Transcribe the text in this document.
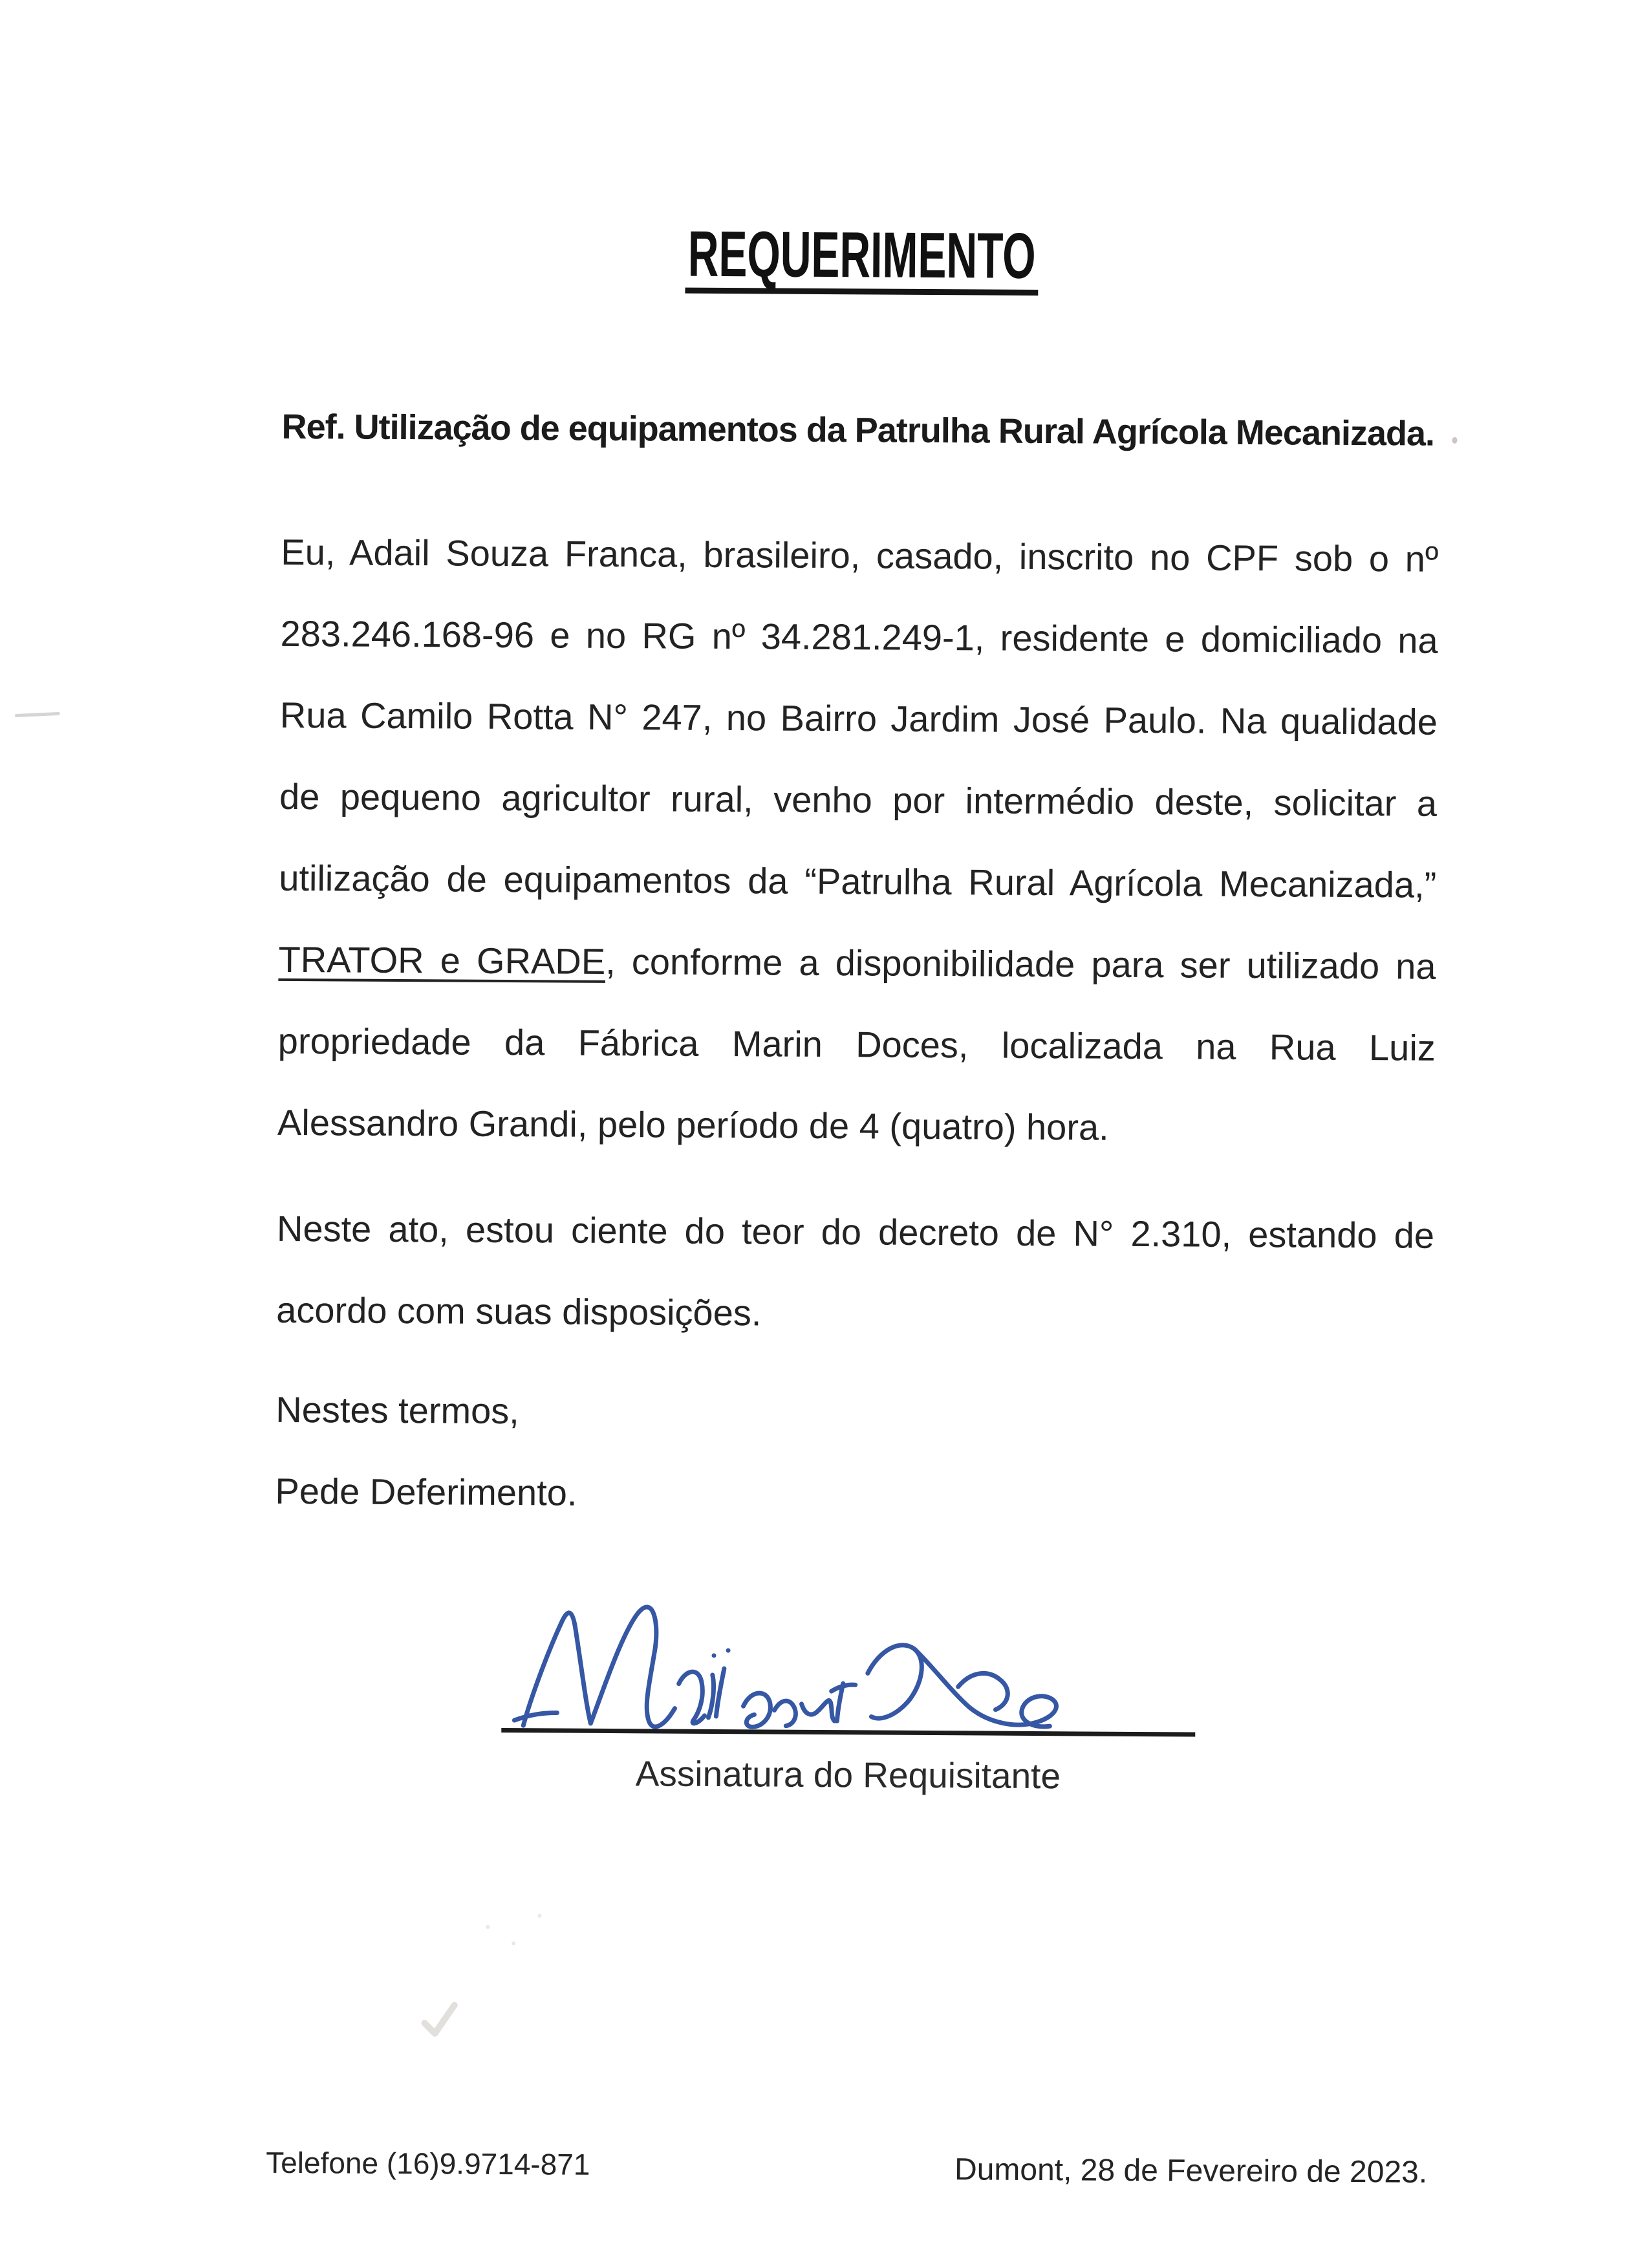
REQUERIMENTO
Ref. Utilização de equipamentos da Patrulha Rural Agrícola Mecanizada.
Eu, Adail Souza Franca, brasileiro, casado, inscrito no CPF sob o nº
283.246.168-96 e no RG nº 34.281.249-1, residente e domiciliado na
Rua Camilo Rotta N° 247, no Bairro Jardim José Paulo. Na qualidade
de pequeno agricultor rural, venho por intermédio deste, solicitar a
utilização de equipamentos da “Patrulha Rural Agrícola Mecanizada,”
TRATOR e GRADE, conforme a disponibilidade para ser utilizado na
propriedade da Fábrica Marin Doces, localizada na Rua Luiz
Alessandro Grandi, pelo período de 4 (quatro) hora.
Neste ato, estou ciente do teor do decreto de N° 2.310, estando de
acordo com suas disposições.
Nestes termos,
Pede Deferimento.
Assinatura do Requisitante
Telefone (16)9.9714-871	Dumont, 28 de Fevereiro de 2023.
